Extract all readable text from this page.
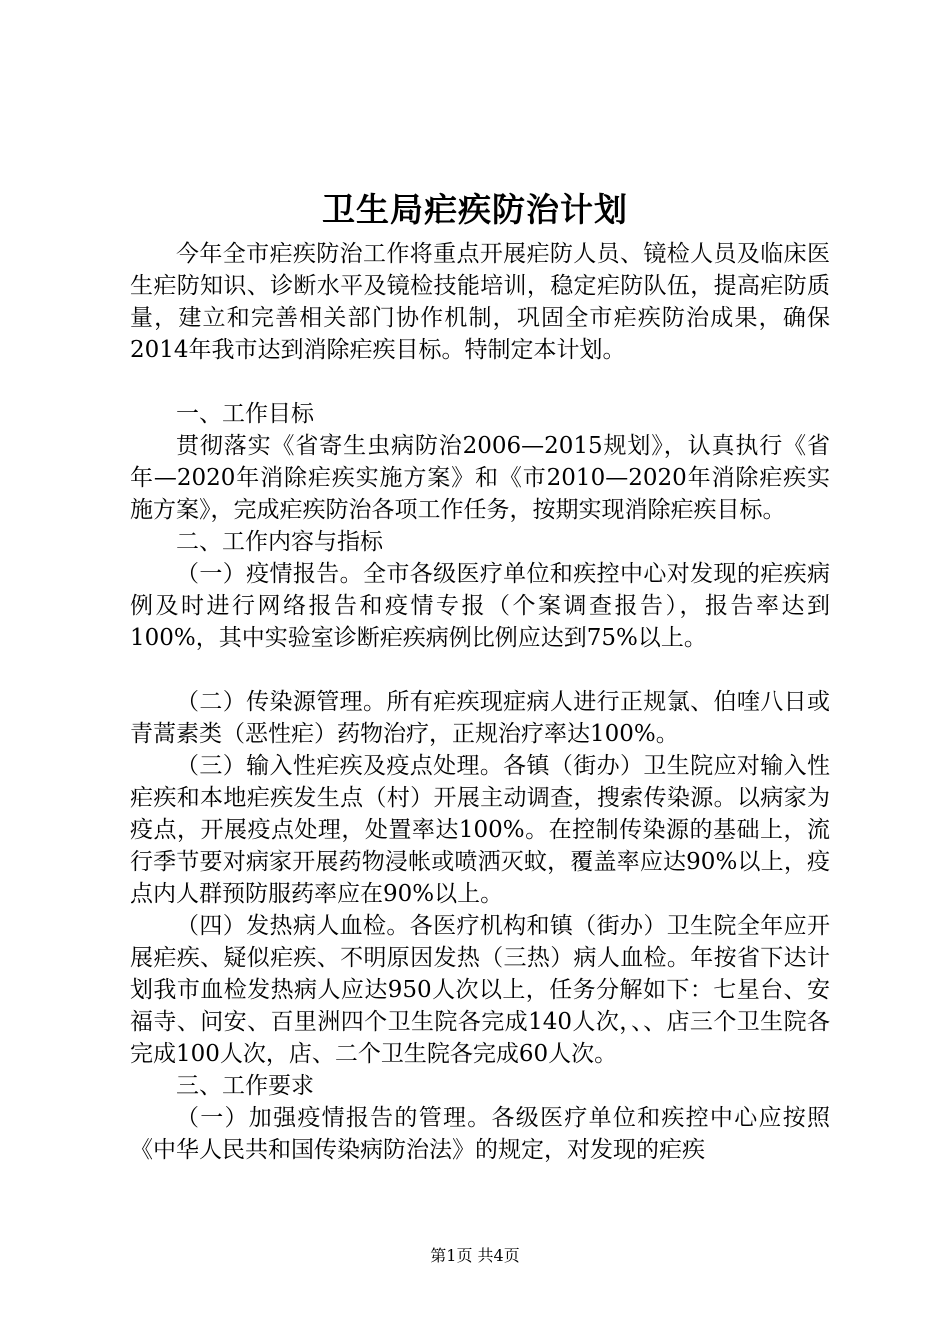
卫生局疟疾防治计划

今年全市疟疾防治工作将重点开展疟防人员、镜检人员及临床医生疟防知识、诊断水平及镜检技能培训，稳定疟防队伍，提高疟防质量，建立和完善相关部门协作机制，巩固全市疟疾防治成果，确保2014年我市达到消除疟疾目标。特制定本计划。

一、工作目标

贯彻落实《省寄生虫病防治2006—2015规划》，认真执行《省年—2020年消除疟疾实施方案》和《市2010—2020年消除疟疾实施方案》，完成疟疾防治各项工作任务，按期实现消除疟疾目标。

二、工作内容与指标

（一）疫情报告。全市各级医疗单位和疾控中心对发现的疟疾病例及时进行网络报告和疫情专报（个案调查报告），报告率达到100%，其中实验室诊断疟疾病例比例应达到75%以上。

（二）传染源管理。所有疟疾现症病人进行正规氯、伯喹八日或青蒿素类（恶性疟）药物治疗，正规治疗率达100%。

（三）输入性疟疾及疫点处理。各镇（街办）卫生院应对输入性疟疾和本地疟疾发生点（村）开展主动调查，搜索传染源。以病家为疫点，开展疫点处理，处置率达100%。在控制传染源的基础上，流行季节要对病家开展药物浸帐或喷洒灭蚊，覆盖率应达90%以上，疫点内人群预防服药率应在90%以上。

（四）发热病人血检。各医疗机构和镇（街办）卫生院全年应开展疟疾、疑似疟疾、不明原因发热（三热）病人血检。年按省下达计划我市血检发热病人应达950人次以上，任务分解如下：七星台、安福寺、问安、百里洲四个卫生院各完成140人次，、、店三个卫生院各完成100人次，店、二个卫生院各完成60人次。

三、工作要求

（一）加强疫情报告的管理。各级医疗单位和疾控中心应按照《中华人民共和国传染病防治法》的规定，对发现的疟疾

第1页 共4页
